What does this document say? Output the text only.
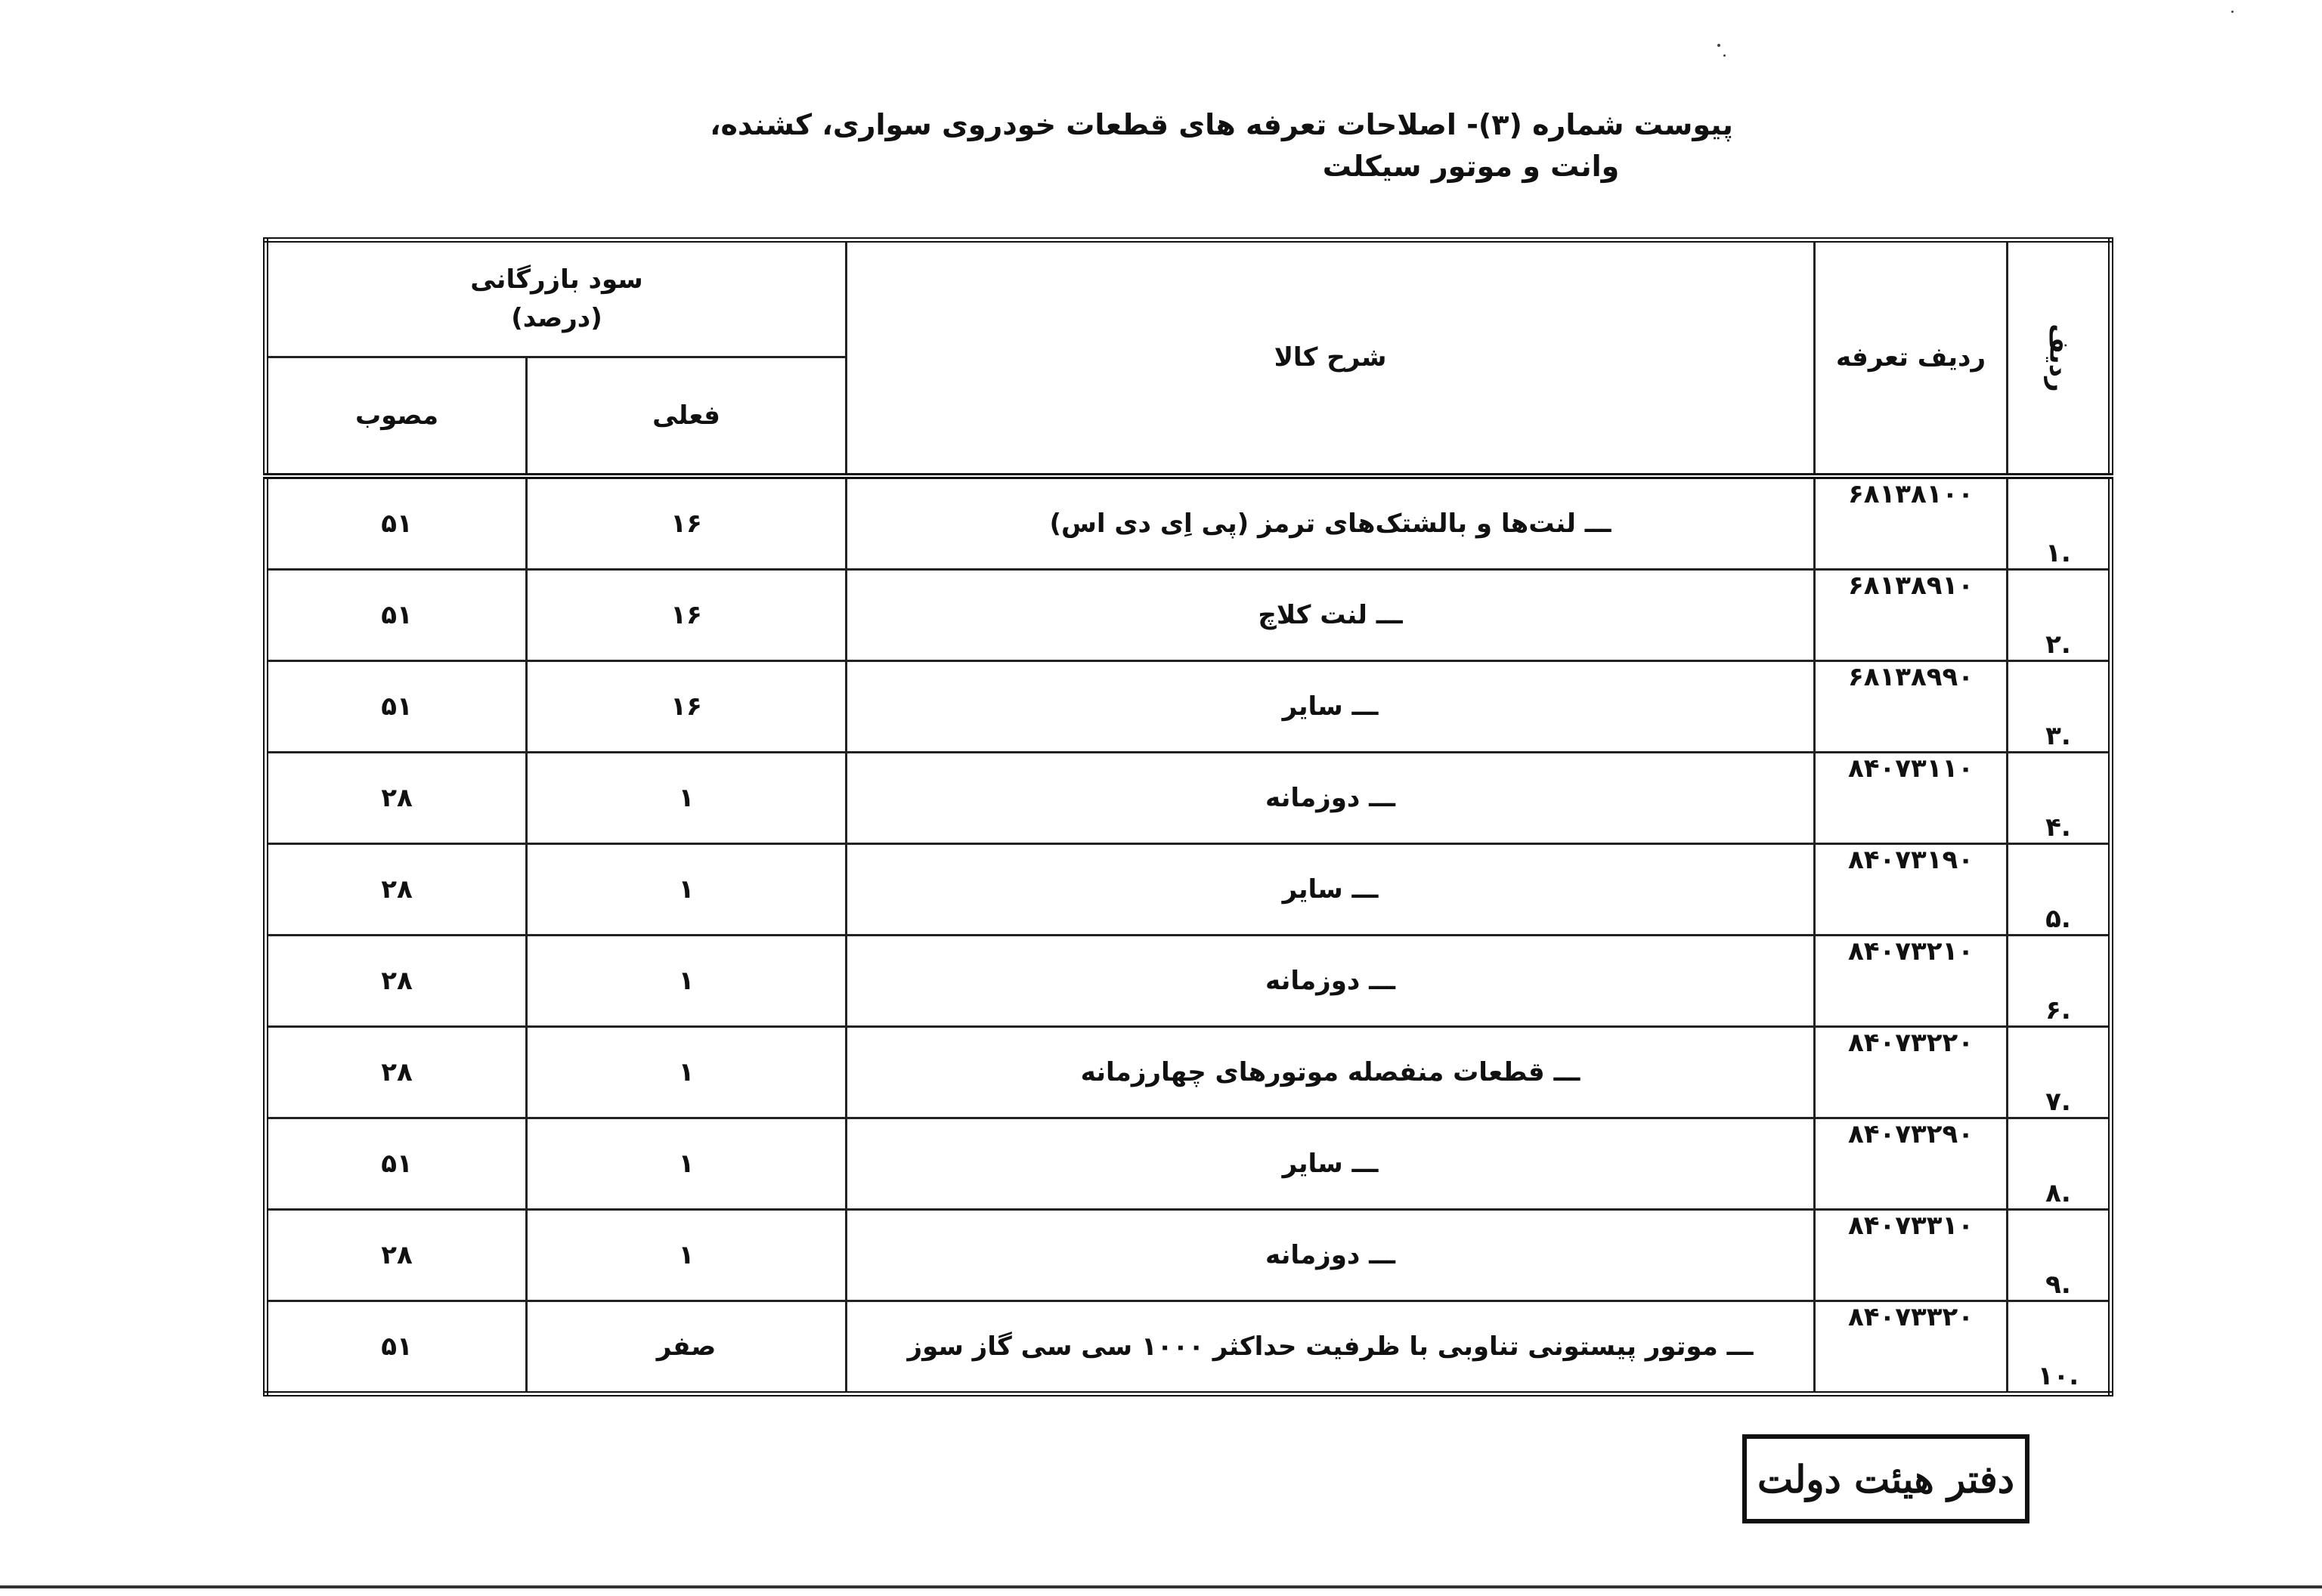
پیوست شماره (۳)- اصلاحات تعرفه های قطعات خودروی سواری، کشنده،
وانت و موتور سیکلت
ردیف	ردیف تعرفه	شرح کالا	سود بازرگانی
(درصد)	

			فعلی	مصوب
.۱	۶۸۱۳۸۱۰۰	ـــ لنت‌ها و بالشتک‌های ترمز (پی اِی دی اس)	۱۶	۵۱
.۲	۶۸۱۳۸۹۱۰	ـــ لنت کلاچ	۱۶	۵۱
.۳	۶۸۱۳۸۹۹۰	ـــ سایر	۱۶	۵۱
.۴	۸۴۰۷۳۱۱۰	ـــ دوزمانه	۱	۲۸
.۵	۸۴۰۷۳۱۹۰	ـــ سایر	۱	۲۸
.۶	۸۴۰۷۳۲۱۰	ـــ دوزمانه	۱	۲۸
.۷	۸۴۰۷۳۲۲۰	ـــ قطعات منفصله موتورهای چهارزمانه	۱	۲۸
.۸	۸۴۰۷۳۲۹۰	ـــ سایر	۱	۵۱
.۹	۸۴۰۷۳۳۱۰	ـــ دوزمانه	۱	۲۸
.۱۰	۸۴۰۷۳۳۲۰	ـــ موتور پیستونی تناوبی با ظرفیت حداکثر ۱۰۰۰ سی سی گاز سوز	صفر	۵۱
دفتر هیئت دولت
